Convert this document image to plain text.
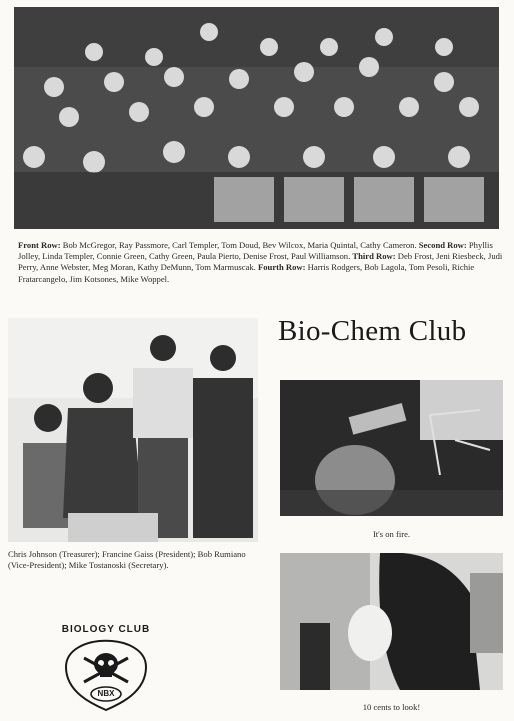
Front Row: Bob McGregor, Ray Passmore, Carl Templer, Tom Doud, Bev Wilcox, Maria Quintal, Cathy Cameron. Second Row: Phyllis Jolley, Linda Templer, Connie Green, Cathy Green, Paula Pierto, Denise Frost, Paul Williamson. Third Row: Deb Frost, Jeni Riesbeck, Judi Perry, Anne Webster, Meg Moran, Kathy DeMunn, Tom Marmuscak. Fourth Row: Harris Rodgers, Bob Lagola, Tom Pesoli, Richie Fratarcangelo, Jim Kotsones, Mike Woppel.
Chris Johnson (Treasurer); Francine Gaiss (President); Bob Rumiano (Vice-President); Mike Tostanoski (Secretary).
Bio-Chem Club
It's on fire.
10 cents to look!
BIOLOGY CLUB
NBX
